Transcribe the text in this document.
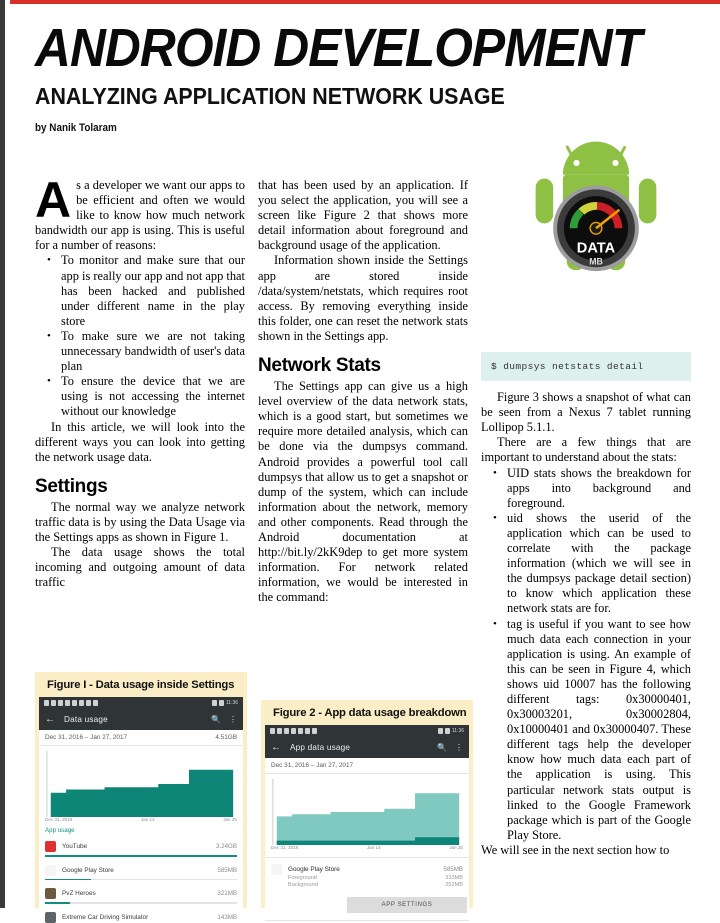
ANDROID DEVELOPMENT
ANALYZING APPLICATION NETWORK USAGE
by Nanik Tolaram
DATA
MB

As a developer we want our apps to be efficient and often we would like to know how much network bandwidth our app is using. This is useful for a number of reasons:

• To monitor and make sure that our app is really our app and not app that has been hacked and published under different name in the play store
• To make sure we are not taking unnecessary bandwidth of user's data plan
• To ensure the device that we are using is not accessing the internet without our knowledge

In this article, we will look into the different ways you can look into getting the network usage data.

Settings

The normal way we analyze network traffic data is by using the Data Usage via the Settings apps as shown in Figure 1.

The data usage shows the total incoming and outgoing amount of data traffic

that has been used by an application. If you select the application, you will see a screen like Figure 2 that shows more detail information about foreground and background usage of the application.

Information shown inside the Settings app are stored inside /data/system/netstats, which requires root access. By removing everything inside this folder, one can reset the network stats shown in the Settings app.

Network Stats

The Settings app can give us a high level overview of the data network stats, which is a good start, but sometimes we require more detailed analysis, which can be done via the dumpsys command. Android provides a powerful tool call dumpsys that allow us to get a snapshot or dump of the system, which can include information about the network, memory and other components. Read through the Android documentation at http://bit.ly/2kK9dep to get more system information. For network related information, we would be interested in the command:

$ dumpsys netstats detail

Figure 3 shows a snapshot of what can be seen from a Nexus 7 tablet running Lollipop 5.1.1.

There are a few things that are important to understand about the stats:

• UID stats shows the breakdown for apps into background and foreground.
• uid shows the userid of the application which can be used to correlate with the package information (which we will see in the dumpsys package detail section) to know which application these network stats are for.
• tag is useful if you want to see how much data each connection in your application is using. An example of this can be seen in Figure 4, which shows uid 10007 has the following different tags: 0x30000401, 0x30003201, 0x30002804, 0x10000401 and 0x30000407. These different tags help the developer know how much data each part of the application is using. This particular network stats output is linked to the Google Framework package which is part of the Google Play Store.

We will see in the next section how to

Figure I - Data usage inside Settings
11:36
← Data usage	🔍 ⋮
Dec 31, 2016 – Jan 27, 2017	4.51GB
Dec 31, 2016	Jan 14	Jan 25
App usage
YouTube	3.24GB
Google Play Store	585MB
PvZ Heroes	321MB
Extreme Car Driving Simulator	143MB
Figure 2 - App data usage breakdown
11:36
← App data usage	🔍 ⋮
Dec 31, 2016 – Jan 27, 2017
Dec 31, 2016	Jan 14	Jan 25
Google Play Store	585MB
Foreground	333MB
Background	252MB
APP SETTINGS
